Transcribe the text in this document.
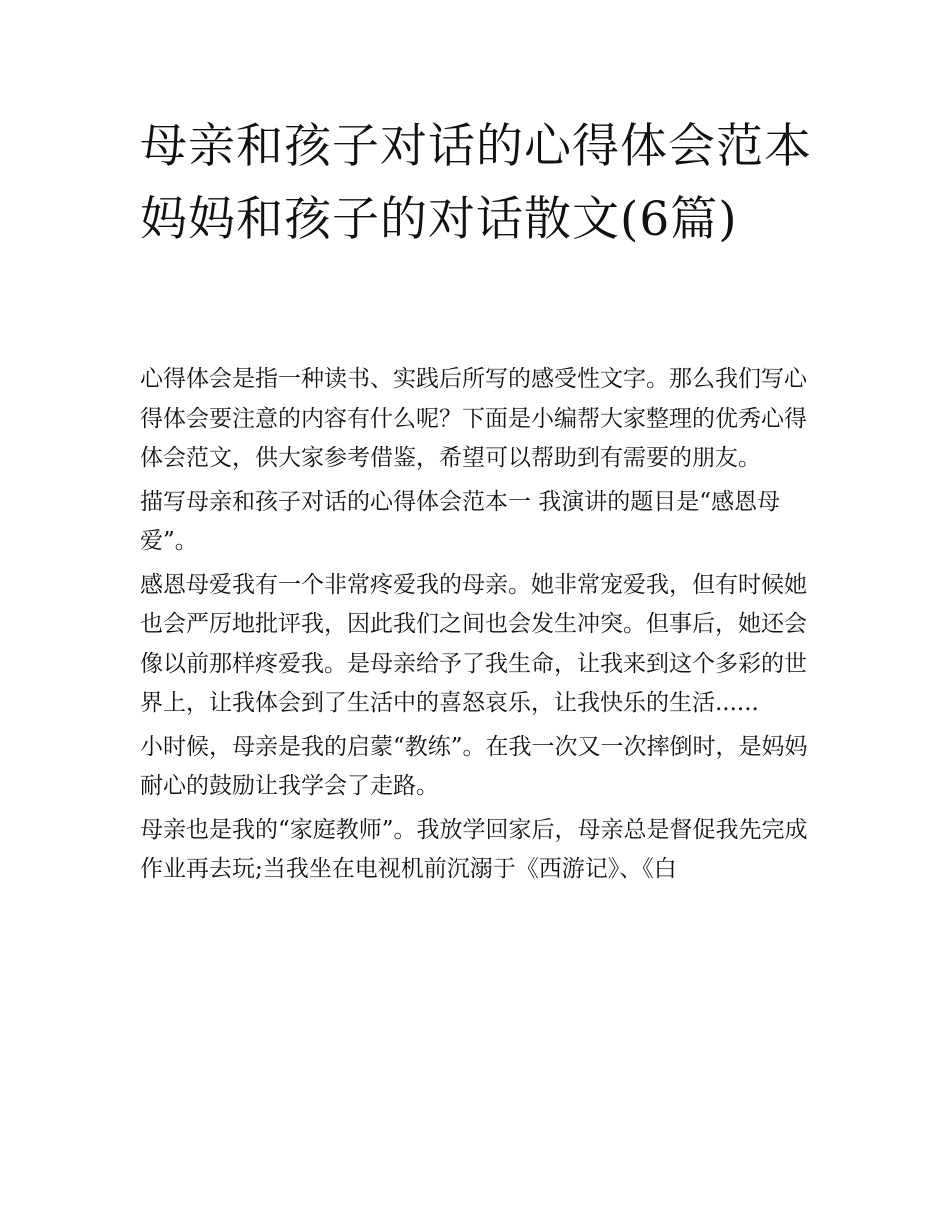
母亲和孩子对话的心得体会范本 妈妈和孩子的对话散文(6篇)

心得体会是指一种读书、实践后所写的感受性文字。那么我们写心得体会要注意的内容有什么呢？下面是小编帮大家整理的优秀心得体会范文，供大家参考借鉴，希望可以帮助到有需要的朋友。

描写母亲和孩子对话的心得体会范本一 我演讲的题目是“感恩母爱”。

感恩母爱我有一个非常疼爱我的母亲。她非常宠爱我，但有时候她也会严厉地批评我，因此我们之间也会发生冲突。但事后，她还会像以前那样疼爱我。是母亲给予了我生命，让我来到这个多彩的世界上，让我体会到了生活中的喜怒哀乐，让我快乐的生活......

小时候，母亲是我的启蒙“教练”。在我一次又一次摔倒时，是妈妈耐心的鼓励让我学会了走路。

母亲也是我的“家庭教师”。我放学回家后，母亲总是督促我先完成作业再去玩;当我坐在电视机前沉溺于《西游记》、《白
